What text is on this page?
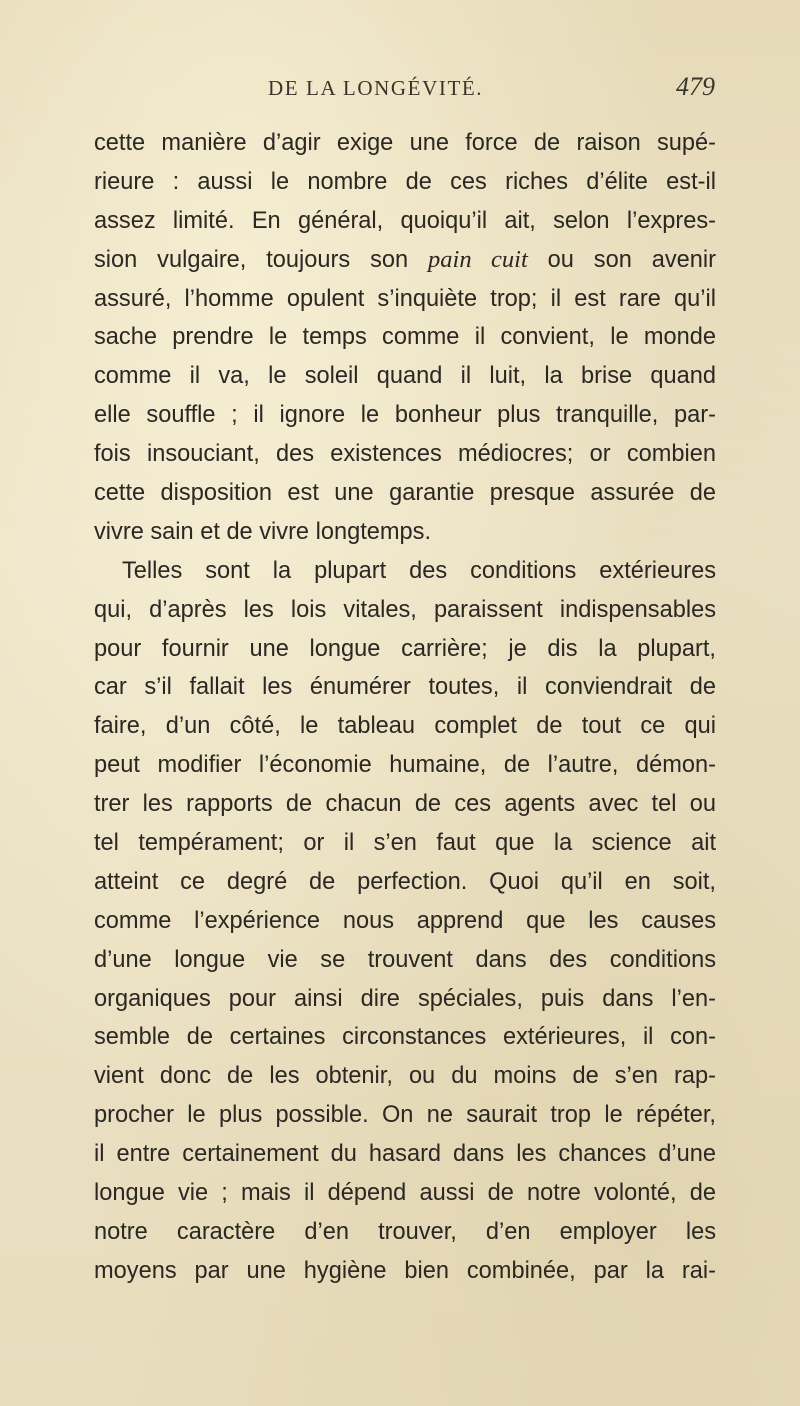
DE LA LONGÉVITÉ.	479
cette manière d’agir exige une force de raison supé-
rieure : aussi le nombre de ces riches d’élite est-il
assez limité. En général, quoiqu’il ait, selon l’expres-
sion vulgaire, toujours son pain cuit ou son avenir
assuré, l’homme opulent s’inquiète trop; il est rare qu’il
sache prendre le temps comme il convient, le monde
comme il va, le soleil quand il luit, la brise quand
elle souffle ; il ignore le bonheur plus tranquille, par-
fois insouciant, des existences médiocres; or combien
cette disposition est une garantie presque assurée de
vivre sain et de vivre longtemps.
Telles sont la plupart des conditions extérieures
qui, d’après les lois vitales, paraissent indispensables
pour fournir une longue carrière; je dis la plupart,
car s’il fallait les énumérer toutes, il conviendrait de
faire, d’un côté, le tableau complet de tout ce qui
peut modifier l’économie humaine, de l’autre, démon-
trer les rapports de chacun de ces agents avec tel ou
tel tempérament; or il s’en faut que la science ait
atteint ce degré de perfection. Quoi qu’il en soit,
comme l’expérience nous apprend que les causes
d’une longue vie se trouvent dans des conditions
organiques pour ainsi dire spéciales, puis dans l’en-
semble de certaines circonstances extérieures, il con-
vient donc de les obtenir, ou du moins de s’en rap-
procher le plus possible. On ne saurait trop le répéter,
il entre certainement du hasard dans les chances d’une
longue vie ; mais il dépend aussi de notre volonté, de
notre caractère d’en trouver, d’en employer les
moyens par une hygiène bien combinée, par la rai-
